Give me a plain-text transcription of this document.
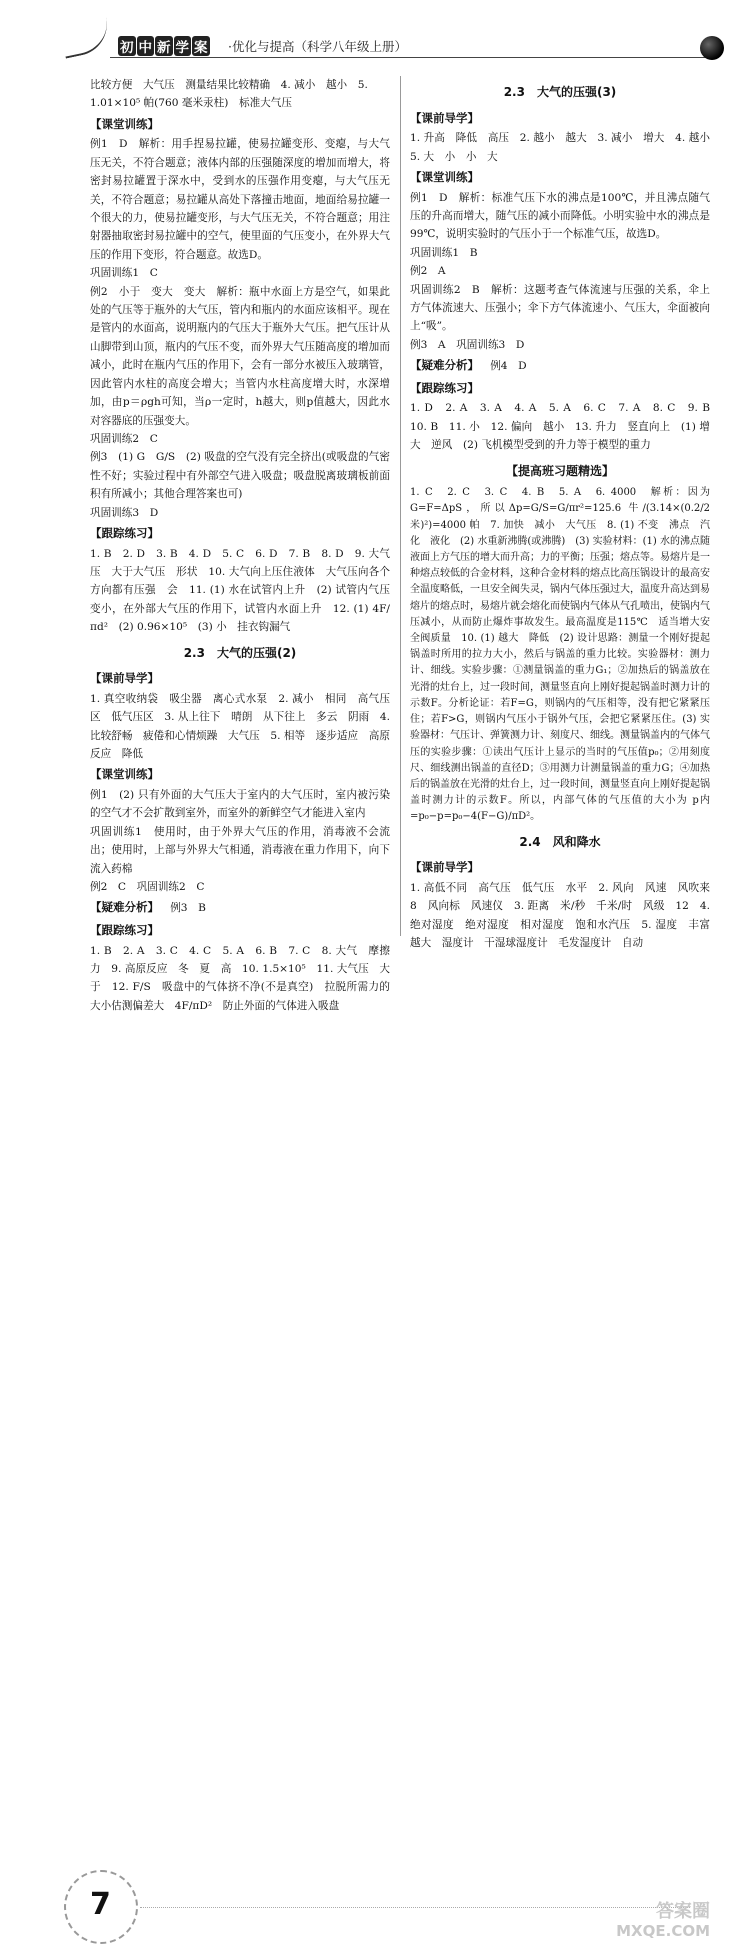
初 中 新 学 案 ·优化与提高（科学八年级上册）

比较方便　大气压　测量结果比较精确　4. 减小　越小　5.

1.01×10⁵ 帕(760 毫米汞柱)　标准大气压

【课堂训练】

例1　D　解析：用手捏易拉罐，使易拉罐变形、变瘪，与大气压无关，不符合题意；液体内部的压强随深度的增加而增大，将密封易拉罐置于深水中，受到水的压强作用变瘪，与大气压无关，不符合题意；易拉罐从高处下落撞击地面，地面给易拉罐一个很大的力，使易拉罐变形，与大气压无关，不符合题意；用注射器抽取密封易拉罐中的空气，使里面的气压变小，在外界大气压的作用下变形，符合题意。故选D。

巩固训练1　C

例2　小于　变大　变大　解析：瓶中水面上方是空气，如果此处的气压等于瓶外的大气压，管内和瓶内的水面应该相平。现在是管内的水面高，说明瓶内的气压大于瓶外大气压。把气压计从山脚带到山顶，瓶内的气压不变，而外界大气压随高度的增加而减小，此时在瓶内气压的作用下，会有一部分水被压入玻璃管，因此管内水柱的高度会增大；当管内水柱高度增大时，水深增加，由p＝ρgh可知，当ρ一定时，h越大，则p值越大，因此水对容器底的压强变大。

巩固训练2　C

例3　(1) G　G/S　(2) 吸盘的空气没有完全挤出(或吸盘的气密性不好；实验过程中有外部空气进入吸盘；吸盘脱离玻璃板前面积有所减小；其他合理答案也可)

巩固训练3　D

【跟踪练习】

1. B　2. D　3. B　4. D　5. C　6. D　7. B　8. D　9. 大气压　大于大气压　形状　10. 大气向上压住液体　大气压向各个方向都有压强　会　11. (1) 水在试管内上升　(2) 试管内气压变小，在外部大气压的作用下，试管内水面上升　12. (1) 4F/πd²　(2) 0.96×10⁵　(3) 小　挂衣钩漏气

2.3　大气的压强(2)

【课前导学】

1. 真空收纳袋　吸尘器　离心式水泵　2. 减小　相同　高气压区　低气压区　3. 从上往下　晴朗　从下往上　多云　阴雨　4. 比较舒畅　疲倦和心情烦躁　大气压　5. 相等　逐步适应　高原反应　降低

【课堂训练】

例1　(2) 只有外面的大气压大于室内的大气压时，室内被污染的空气才不会扩散到室外，而室外的新鲜空气才能进入室内

巩固训练1　使用时，由于外界大气压的作用，消毒液不会流出；使用时，上部与外界大气相通，消毒液在重力作用下，向下流入药棉

例2　C　巩固训练2　C

【疑难分析】　 例3　B

【跟踪练习】

1. B　2. A　3. C　4. C　5. A　6. B　7. C　8. 大气　摩擦力　9. 高原反应　冬　夏　高　10. 1.5×10⁵　11. 大气压　大于　12. F/S　吸盘中的气体挤不净(不是真空)　拉脱所需力的大小估测偏差大　4F/πD²　防止外面的气体进入吸盘

2.3　大气的压强(3)

【课前导学】

1. 升高　降低　高压　2. 越小　越大　3. 减小　增大　4. 越小　5. 大　小　小　大

【课堂训练】

例1　D　解析：标准气压下水的沸点是100℃，并且沸点随气压的升高而增大，随气压的减小而降低。小明实验中水的沸点是99℃，说明实验时的气压小于一个标准气压，故选D。

巩固训练1　B

例2　A

巩固训练2　B　解析：这题考查气体流速与压强的关系，伞上方气体流速大、压强小；伞下方气体流速小、气压大，伞面被向上“吸”。

例3　A　巩固训练3　D

【疑难分析】　 例4　D

【跟踪练习】

1. D　2. A　3. A　4. A　5. A　6. C　7. A　8. C　9. B　10. B　11. 小　12. 偏向　越小　13. 升力　竖直向上　(1) 增大　逆风　(2) 飞机模型受到的升力等于模型的重力

【提高班习题精选】

1. C　2. C　3. C　4. B　5. A　6. 4000　解析：因为G=F=ΔpS，所以Δp=G/S=G/πr²=125.6 牛/(3.14×(0.2/2 米)²)=4000 帕　7. 加快　减小　大气压　8. (1) 不变　沸点　汽化　液化　(2) 水重新沸腾(或沸腾)　(3) 实验材料：(1) 水的沸点随液面上方气压的增大而升高；力的平衡；压强；熔点等。易熔片是一种熔点较低的合金材料，这种合金材料的熔点比高压锅设计的最高安全温度略低，一旦安全阀失灵，锅内气体压强过大，温度升高达到易熔片的熔点时，易熔片就会熔化而使锅内气体从气孔喷出，使锅内气压减小，从而防止爆炸事故发生。最高温度是115℃　适当增大安全阀质量　10. (1) 越大　降低　(2) 设计思路：测量一个刚好提起锅盖时所用的拉力大小，然后与锅盖的重力比较。实验器材：测力计、细线。实验步骤：①测量锅盖的重力G₁；②加热后的锅盖放在光滑的灶台上，过一段时间，测量竖直向上刚好提起锅盖时测力计的示数F。分析论证：若F=G，则锅内的气压相等，没有把它紧紧压住；若F>G，则锅内气压小于锅外气压，会把它紧紧压住。(3) 实验器材：气压计、弹簧测力计、刻度尺、细线。测量锅盖内的气体气压的实验步骤：①读出气压计上显示的当时的气压值p₀；②用刻度尺、细线测出锅盖的直径D；③用测力计测量锅盖的重力G；④加热后的锅盖放在光滑的灶台上，过一段时间，测量竖直向上刚好提起锅盖时测力计的示数F。所以，内部气体的气压值的大小为 p内=p₀−p=p₀−4(F−G)/πD²。

2.4　风和降水

【课前导学】

1. 高低不同　高气压　低气压　水平　2. 风向　风速　风吹来　8　风向标　风速仪　3. 距离　米/秒　千米/时　风级　12　4. 绝对湿度　绝对湿度　相对湿度　饱和水汽压　5. 湿度　丰富　越大　湿度计　干湿球湿度计　毛发湿度计　自动

7	答案圈
MXQE.COM
